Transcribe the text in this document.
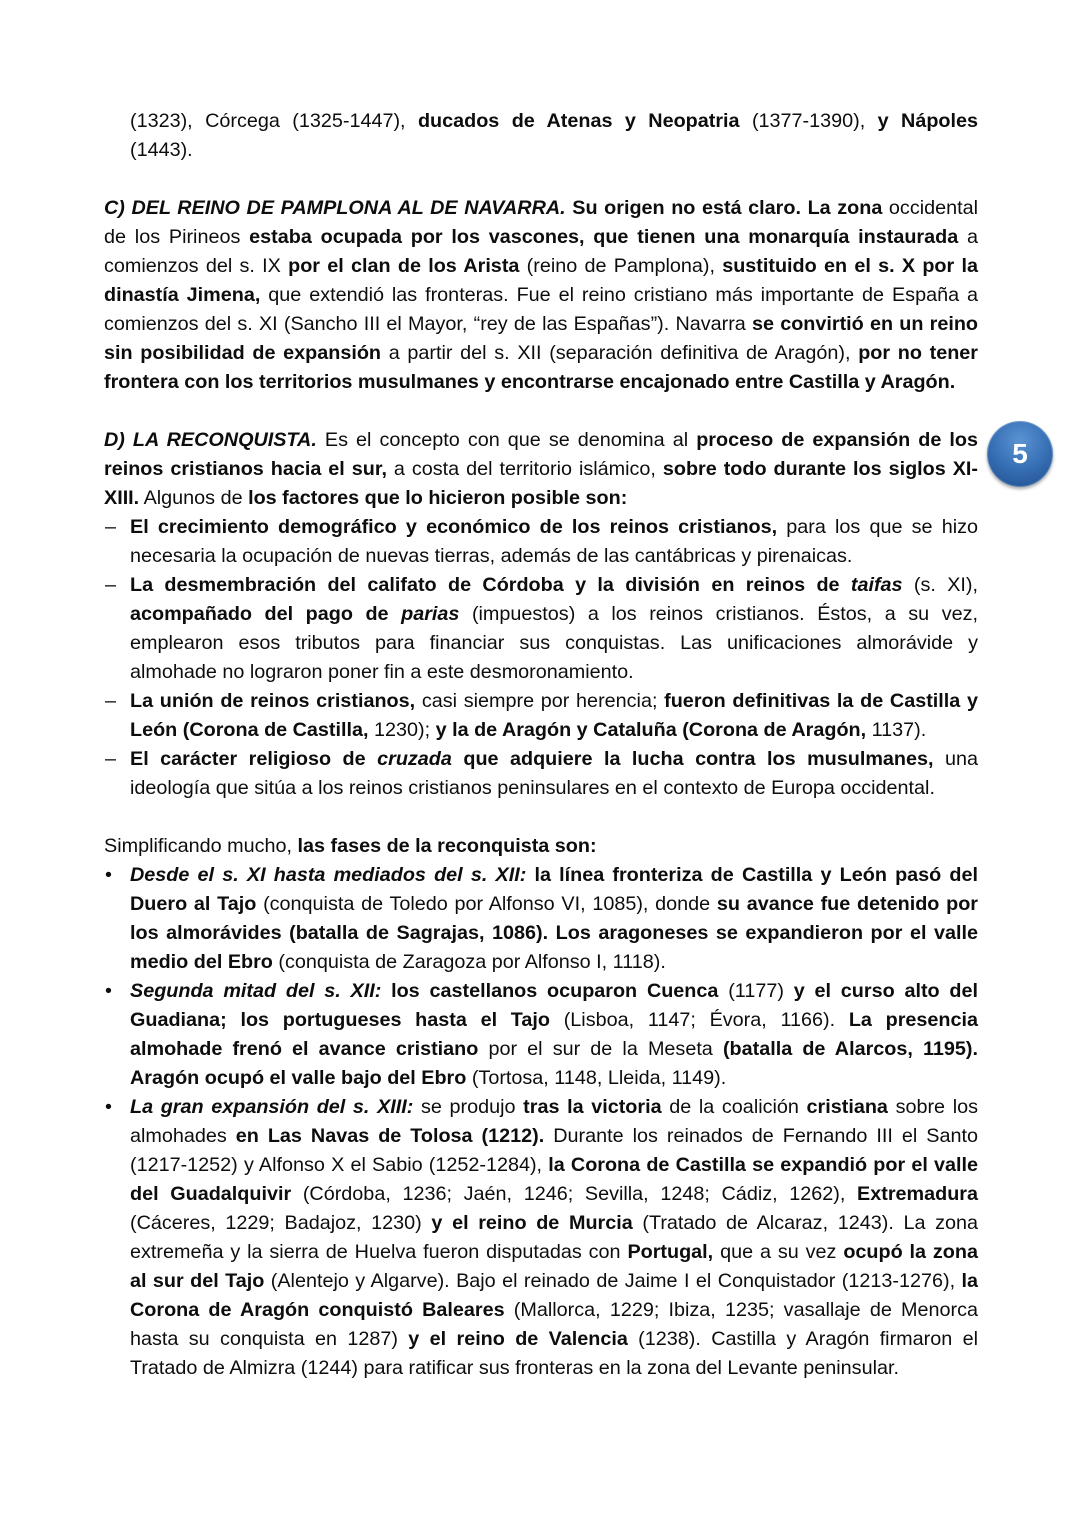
(1323), Córcega (1325-1447), ducados de Atenas y Neopatria (1377-1390), y Nápoles
(1443).
C) DEL REINO DE PAMPLONA AL DE NAVARRA. Su origen no está claro. La zona occidental
de los Pirineos estaba ocupada por los vascones, que tienen una monarquía instaurada a
comienzos del s. IX por el clan de los Arista (reino de Pamplona), sustituido en el s. X por la
dinastía Jimena, que extendió las fronteras. Fue el reino cristiano más importante de España a
comienzos del s. XI (Sancho III el Mayor, “rey de las Españas”). Navarra se convirtió en un reino
sin posibilidad de expansión a partir del s. XII (separación definitiva de Aragón), por no tener
frontera con los territorios musulmanes y encontrarse encajonado entre Castilla y Aragón.
D) LA RECONQUISTA. Es el concepto con que se denomina al proceso de expansión de los
reinos cristianos hacia el sur, a costa del territorio islámico, sobre todo durante los siglos XI-
XIII. Algunos de los factores que lo hicieron posible son:
– El crecimiento demográfico y económico de los reinos cristianos, para los que se hizo
necesaria la ocupación de nuevas tierras, además de las cantábricas y pirenaicas.
– La desmembración del califato de Córdoba y la división en reinos de taifas (s. XI),
acompañado del pago de parias (impuestos) a los reinos cristianos. Éstos, a su vez,
emplearon esos tributos para financiar sus conquistas. Las unificaciones almorávide y
almohade no lograron poner fin a este desmoronamiento.
– La unión de reinos cristianos, casi siempre por herencia; fueron definitivas la de Castilla y
León (Corona de Castilla, 1230); y la de Aragón y Cataluña (Corona de Aragón, 1137).
– El carácter religioso de cruzada que adquiere la lucha contra los musulmanes, una
ideología que sitúa a los reinos cristianos peninsulares en el contexto de Europa occidental.
Simplificando mucho, las fases de la reconquista son:
• Desde el s. XI hasta mediados del s. XII: la línea fronteriza de Castilla y León pasó del
Duero al Tajo (conquista de Toledo por Alfonso VI, 1085), donde su avance fue detenido por
los almorávides (batalla de Sagrajas, 1086). Los aragoneses se expandieron por el valle
medio del Ebro (conquista de Zaragoza por Alfonso I, 1118).
• Segunda mitad del s. XII: los castellanos ocuparon Cuenca (1177) y el curso alto del
Guadiana; los portugueses hasta el Tajo (Lisboa, 1147; Évora, 1166). La presencia
almohade frenó el avance cristiano por el sur de la Meseta (batalla de Alarcos, 1195).
Aragón ocupó el valle bajo del Ebro (Tortosa, 1148, Lleida, 1149).
• La gran expansión del s. XIII: se produjo tras la victoria de la coalición cristiana sobre los
almohades en Las Navas de Tolosa (1212). Durante los reinados de Fernando III el Santo
(1217-1252) y Alfonso X el Sabio (1252-1284), la Corona de Castilla se expandió por el valle
del Guadalquivir (Córdoba, 1236; Jaén, 1246; Sevilla, 1248; Cádiz, 1262), Extremadura
(Cáceres, 1229; Badajoz, 1230) y el reino de Murcia (Tratado de Alcaraz, 1243). La zona
extremeña y la sierra de Huelva fueron disputadas con Portugal, que a su vez ocupó la zona
al sur del Tajo (Alentejo y Algarve). Bajo el reinado de Jaime I el Conquistador (1213-1276), la
Corona de Aragón conquistó Baleares (Mallorca, 1229; Ibiza, 1235; vasallaje de Menorca
hasta su conquista en 1287) y el reino de Valencia (1238). Castilla y Aragón firmaron el
Tratado de Almizra (1244) para ratificar sus fronteras en la zona del Levante peninsular.
5
